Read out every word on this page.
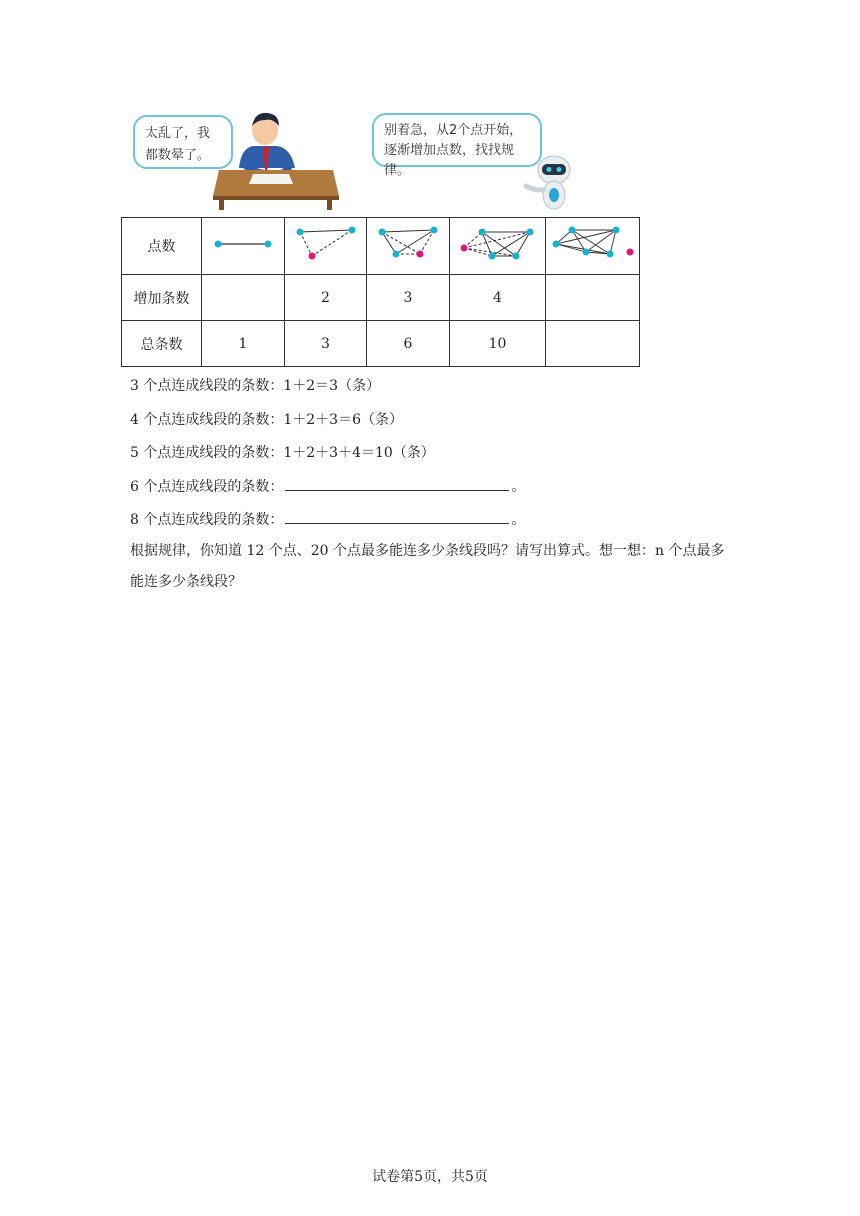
太乱了，我都数晕了。
别着急，从2个点开始，逐渐增加点数，找找规律。
点数					
增加条数		2	3	4	
总条数	1	3	6	10	
3 个点连成线段的条数：1＋2＝3（条）
4 个点连成线段的条数：1＋2＋3＝6（条）
5 个点连成线段的条数：1＋2＋3＋4＝10（条）
6 个点连成线段的条数：	。
8 个点连成线段的条数：	。
根据规律，你知道 12 个点、20 个点最多能连多少条线段吗？请写出算式。想一想：n 个点最多能连多少条线段？
试卷第5页，共5页
